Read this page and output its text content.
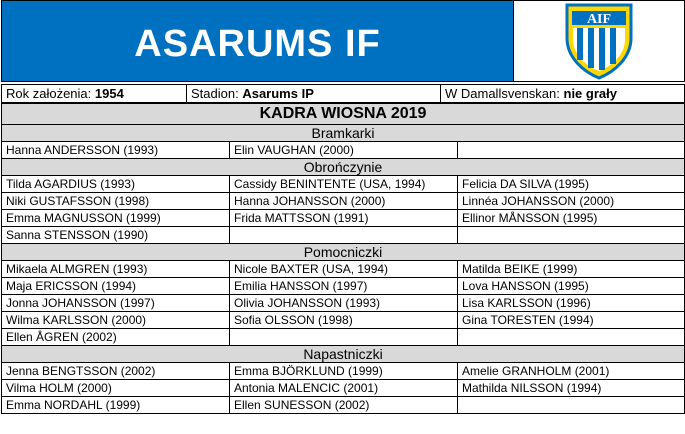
ASARUMS IF
AIF
Rok założenia: 1954	Stadion: Asarums IP	W Damallsvenskan: nie grały
KADRA WIOSNA 2019		
Bramkarki		
Hanna ANDERSSON (1993)	Elin VAUGHAN (2000)	
Obrończynie		
Tilda AGARDIUS (1993)	Cassidy BENINTENTE (USA, 1994)	Felicia DA SILVA (1995)
Niki GUSTAFSSON (1998)	Hanna JOHANSSON (2000)	Linnéa JOHANSSON (2000)
Emma MAGNUSSON (1999)	Frida MATTSSON (1991)	Ellinor MÅNSSON (1995)
Sanna STENSSON (1990)		
Pomocniczki		
Mikaela ALMGREN (1993)	Nicole BAXTER (USA, 1994)	Matilda BEIKE (1999)
Maja ERICSSON (1994)	Emilia HANSSON (1997)	Lova HANSSON (1995)
Jonna JOHANSSON (1997)	Olivia JOHANSSON (1993)	Lisa KARLSSON (1996)
Wilma KARLSSON (2000)	Sofia OLSSON (1998)	Gina TORESTEN (1994)
Ellen ÅGREN (2002)		
Napastniczki		
Jenna BENGTSSON (2002)	Emma BJÖRKLUND (1999)	Amelie GRANHOLM (2001)
Vilma HOLM (2000)	Antonia MALENCIC (2001)	Mathilda NILSSON (1994)
Emma NORDAHL (1999)	Ellen SUNESSON (2002)	
